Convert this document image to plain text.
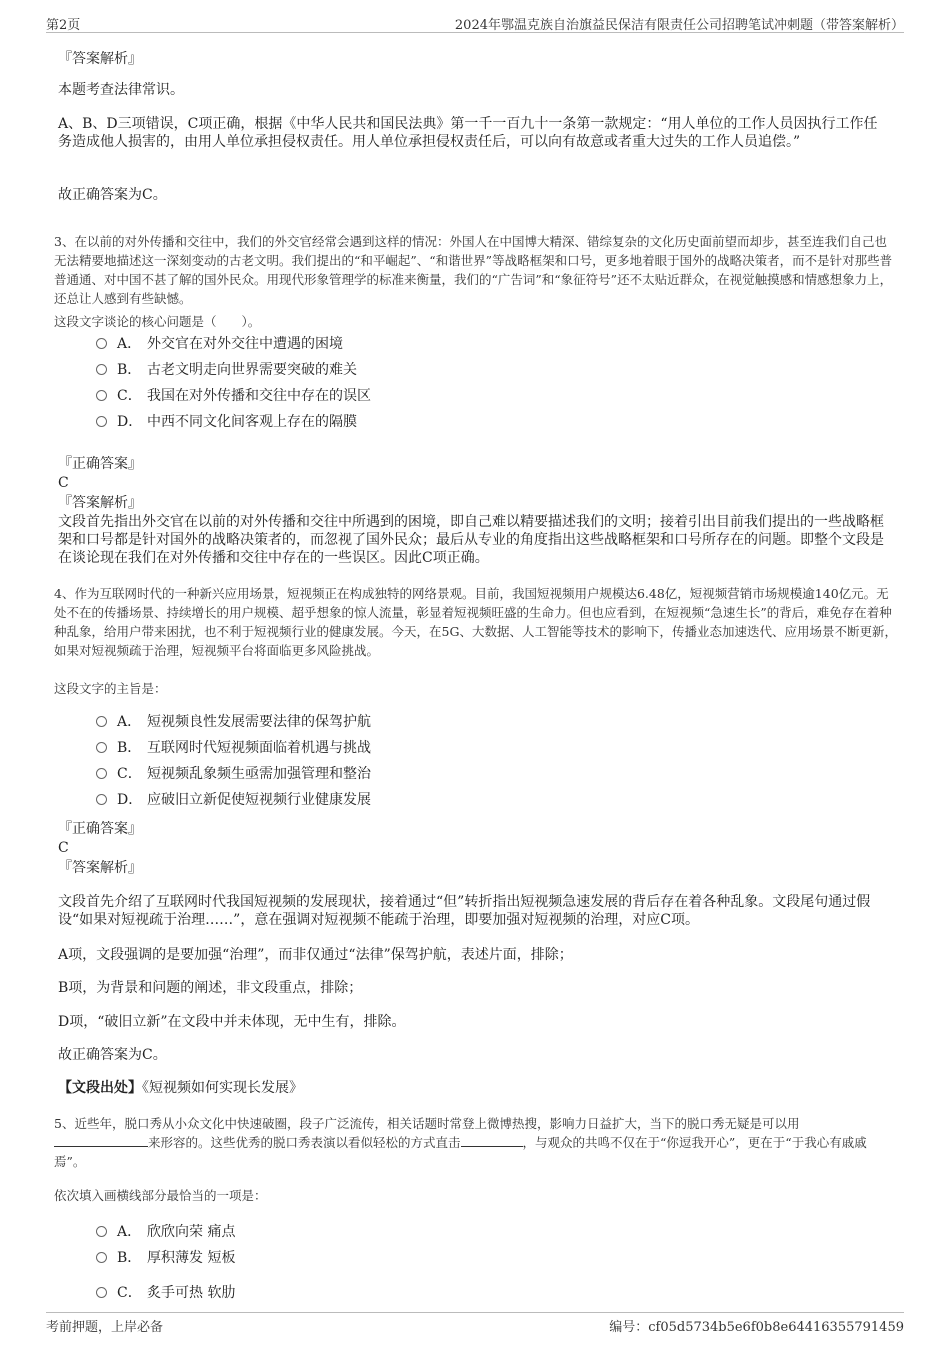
第2页	2024年鄂温克族自治旗益民保洁有限责任公司招聘笔试冲刺题（带答案解析）

『答案解析』

本题考查法律常识。

A、B、D三项错误，C项正确，根据《中华人民共和国民法典》第一千一百九十一条第一款规定：“用人单位的工作人员因执行工作任务造成他人损害的，由用人单位承担侵权责任。用人单位承担侵权责任后，可以向有故意或者重大过失的工作人员追偿。”

故正确答案为C。

3、在以前的对外传播和交往中，我们的外交官经常会遇到这样的情况：外国人在中国博大精深、错综复杂的文化历史面前望而却步，甚至连我们自己也无法精要地描述这一深刻变动的古老文明。我们提出的“和平崛起”、“和谐世界”等战略框架和口号，更多地着眼于国外的战略决策者，而不是针对那些普普通通、对中国不甚了解的国外民众。用现代形象管理学的标准来衡量，我们的“广告词”和“象征符号”还不太贴近群众，在视觉触摸感和情感想象力上，还总让人感到有些缺憾。

这段文字谈论的核心问题是（　　）。

A． 外交官在对外交往中遭遇的困境
B． 古老文明走向世界需要突破的难关
C． 我国在对外传播和交往中存在的误区
D． 中西不同文化间客观上存在的隔膜

『正确答案』

C

『答案解析』

文段首先指出外交官在以前的对外传播和交往中所遇到的困境，即自己难以精要描述我们的文明；接着引出目前我们提出的一些战略框架和口号都是针对国外的战略决策者的，而忽视了国外民众；最后从专业的角度指出这些战略框架和口号所存在的问题。即整个文段是在谈论现在我们在对外传播和交往中存在的一些误区。因此C项正确。

4、作为互联网时代的一种新兴应用场景，短视频正在构成独特的网络景观。目前，我国短视频用户规模达6.48亿，短视频营销市场规模逾140亿元。无处不在的传播场景、持续增长的用户规模、超乎想象的惊人流量，彰显着短视频旺盛的生命力。但也应看到，在短视频“急速生长”的背后，难免存在着种种乱象，给用户带来困扰，也不利于短视频行业的健康发展。今天，在5G、大数据、人工智能等技术的影响下，传播业态加速迭代、应用场景不断更新，如果对短视频疏于治理，短视频平台将面临更多风险挑战。

这段文字的主旨是：

A． 短视频良性发展需要法律的保驾护航
B． 互联网时代短视频面临着机遇与挑战
C． 短视频乱象频生亟需加强管理和整治
D． 应破旧立新促使短视频行业健康发展

『正确答案』

C

『答案解析』

文段首先介绍了互联网时代我国短视频的发展现状，接着通过“但”转折指出短视频急速发展的背后存在着各种乱象。文段尾句通过假设“如果对短视疏于治理……”，意在强调对短视频不能疏于治理，即要加强对短视频的治理，对应C项。

A项，文段强调的是要加强“治理”，而非仅通过“法律”保驾护航，表述片面，排除；

B项，为背景和问题的阐述，非文段重点，排除；

D项，“破旧立新”在文段中并未体现，无中生有，排除。

故正确答案为C。

【文段出处】《短视频如何实现长发展》

5、近些年，脱口秀从小众文化中快速破圈，段子广泛流传，相关话题时常登上微博热搜，影响力日益扩大，当下的脱口秀无疑是可以用
来形容的。这些优秀的脱口秀表演以看似轻松的方式直击	，与观众的共鸣不仅在于“你逗我开心”，更在于“于我心有戚戚焉”。

依次填入画横线部分最恰当的一项是：

A． 欣欣向荣 痛点
B． 厚积薄发 短板
C． 炙手可热 软肋
考前押题，上岸必备	编号：cf05d5734b5e6f0b8e64416355791459
